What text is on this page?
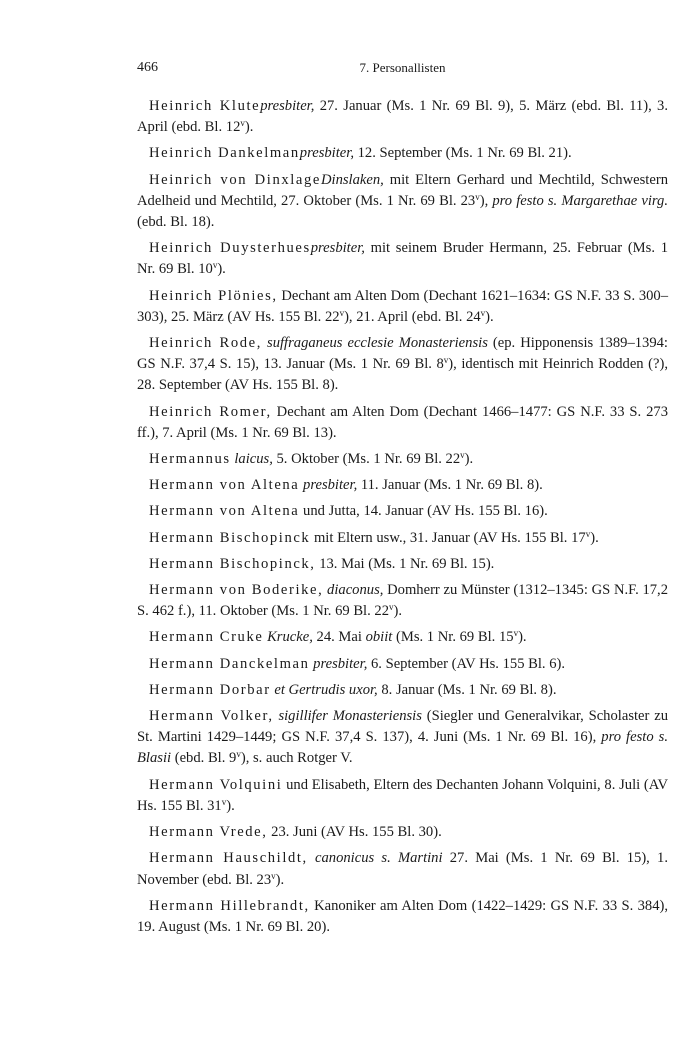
466	7. Personallisten

Heinrich Klutepresbiter, 27. Januar (Ms. 1 Nr. 69 Bl. 9), 5. März (ebd. Bl. 11), 3. April (ebd. Bl. 12$^v$).

Heinrich Dankelmanpresbiter, 12. September (Ms. 1 Nr. 69 Bl. 21).

Heinrich von DinxlageDinslaken, mit Eltern Gerhard und Mechtild, Schwestern Adelheid und Mechtild, 27. Oktober (Ms. 1 Nr. 69 Bl. 23$^v$), pro festo s. Margarethae virg. (ebd. Bl. 18).

Heinrich Duysterhuespresbiter, mit seinem Bruder Hermann, 25. Februar (Ms. 1 Nr. 69 Bl. 10$^v$).

Heinrich Plönies, Dechant am Alten Dom (Dechant 1621–1634: GS N.F. 33 S. 300–303), 25. März (AV Hs. 155 Bl. 22$^v$), 21. April (ebd. Bl. 24$^v$).

Heinrich Rode, suffraganeus ecclesie Monasteriensis (ep. Hipponensis 1389–1394: GS N.F. 37,4 S. 15), 13. Januar (Ms. 1 Nr. 69 Bl. 8$^v$), identisch mit Heinrich Rodden (?), 28. September (AV Hs. 155 Bl. 8).

Heinrich Romer, Dechant am Alten Dom (Dechant 1466–1477: GS N.F. 33 S. 273 ff.), 7. April (Ms. 1 Nr. 69 Bl. 13).

Hermannus laicus, 5. Oktober (Ms. 1 Nr. 69 Bl. 22$^v$).

Hermann von Altena presbiter, 11. Januar (Ms. 1 Nr. 69 Bl. 8).

Hermann von Altena und Jutta, 14. Januar (AV Hs. 155 Bl. 16).

Hermann Bischopinck mit Eltern usw., 31. Januar (AV Hs. 155 Bl. 17$^v$).

Hermann Bischopinck, 13. Mai (Ms. 1 Nr. 69 Bl. 15).

Hermann von Boderike, diaconus, Domherr zu Münster (1312–1345: GS N.F. 17,2 S. 462 f.), 11. Oktober (Ms. 1 Nr. 69 Bl. 22$^v$).

Hermann Cruke Krucke, 24. Mai obiit (Ms. 1 Nr. 69 Bl. 15$^v$).

Hermann Danckelman presbiter, 6. September (AV Hs. 155 Bl. 6).

Hermann Dorbar et Gertrudis uxor, 8. Januar (Ms. 1 Nr. 69 Bl. 8).

Hermann Volker, sigillifer Monasteriensis (Siegler und Generalvikar, Scholaster zu St. Martini 1429–1449; GS N.F. 37,4 S. 137), 4. Juni (Ms. 1 Nr. 69 Bl. 16), pro festo s. Blasii (ebd. Bl. 9$^v$), s. auch Rotger V.

Hermann Volquini und Elisabeth, Eltern des Dechanten Johann Volquini, 8. Juli (AV Hs. 155 Bl. 31$^v$).

Hermann Vrede, 23. Juni (AV Hs. 155 Bl. 30).

Hermann Hauschildt, canonicus s. Martini 27. Mai (Ms. 1 Nr. 69 Bl. 15), 1. November (ebd. Bl. 23$^v$).

Hermann Hillebrandt, Kanoniker am Alten Dom (1422–1429: GS N.F. 33 S. 384), 19. August (Ms. 1 Nr. 69 Bl. 20).
